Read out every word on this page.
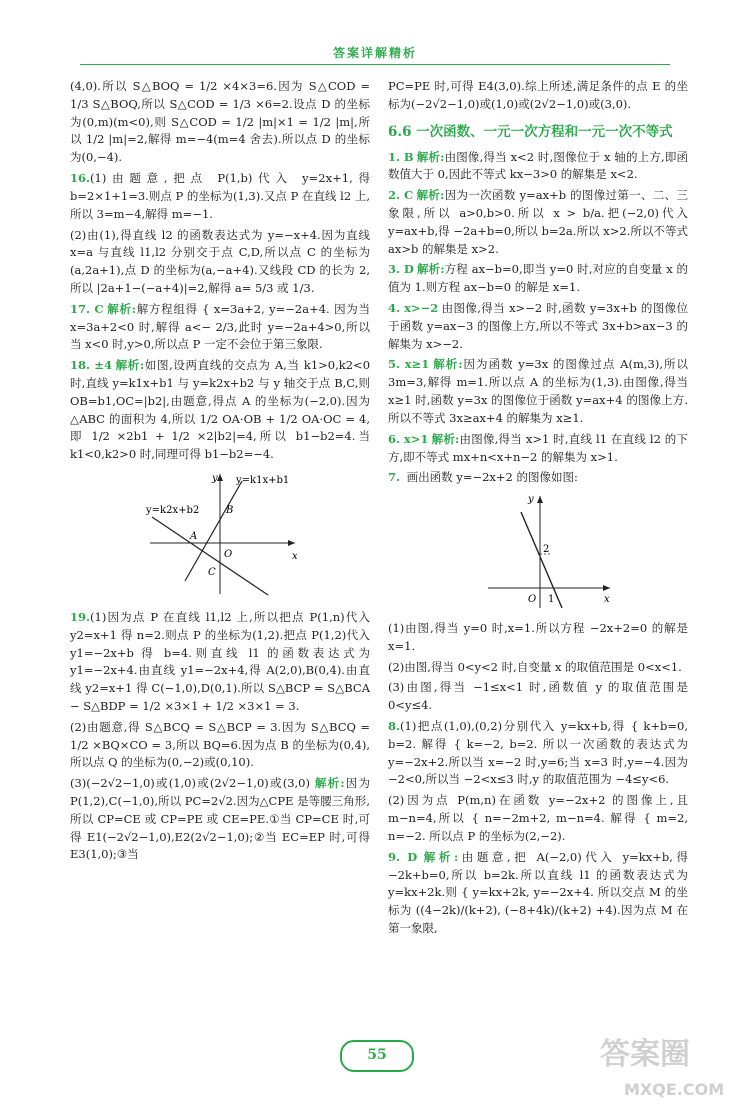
答案详解精析

(4,0).所以 S△BOQ = 1/2 ×4×3=6.因为 S△COD = 1/3 S△BOQ,所以 S△COD = 1/3 ×6=2.设点 D 的坐标为(0,m)(m<0),则 S△COD = 1/2 |m|×1 = 1/2 |m|,所以 1/2 |m|=2,解得 m=−4(m=4 舍去).所以点 D 的坐标为(0,−4).

16.(1)由题意,把点 P(1,b)代入 y=2x+1,得 b=2×1+1=3.则点 P 的坐标为(1,3).又点 P 在直线 l2 上,所以 3=m−4,解得 m=−1.

(2)由(1),得直线 l2 的函数表达式为 y=−x+4.因为直线 x=a 与直线 l1,l2 分别交于点 C,D,所以点 C 的坐标为(a,2a+1),点 D 的坐标为(a,−a+4).又线段 CD 的长为 2,所以 |2a+1−(−a+4)|=2,解得 a= 5/3 或 1/3.

17. C 解析:解方程组得 { x=3a+2, y=−2a+4. 因为当 x=3a+2<0 时,解得 a<− 2/3,此时 y=−2a+4>0,所以当 x<0 时,y>0,所以点 P 一定不会位于第三象限.

18. ±4 解析:如图,设两直线的交点为 A,当 k1>0,k2<0 时,直线 y=k1x+b1 与 y=k2x+b2 与 y 轴交于点 B,C,则 OB=b1,OC=|b2|,由题意,得点 A 的坐标为(−2,0).因为△ABC 的面积为 4,所以 1/2 OA·OB + 1/2 OA·OC = 4,即 1/2 ×2b1 + 1/2 ×2|b2|=4,所以 b1−b2=4.当 k1<0,k2>0 时,同理可得 b1−b2=−4.

y=k1x+b1
y=k2x+b2
A
B
C
O	x
y

19.(1)因为点 P 在直线 l1,l2 上,所以把点 P(1,n)代入 y2=x+1 得 n=2.则点 P 的坐标为(1,2).把点 P(1,2)代入 y1=−2x+b 得 b=4.则直线 l1 的函数表达式为 y1=−2x+4.由直线 y1=−2x+4,得 A(2,0),B(0,4).由直线 y2=x+1 得 C(−1,0),D(0,1).所以 S△BCP = S△BCA − S△BDP = 1/2 ×3×1 + 1/2 ×3×1 = 3.

(2)由题意,得 S△BCQ = S△BCP = 3.因为 S△BCQ = 1/2 ×BQ×CO = 3,所以 BQ=6.因为点 B 的坐标为(0,4),所以点 Q 的坐标为(0,−2)或(0,10).

(3)(−2√2−1,0)或(1,0)或(2√2−1,0)或(3,0) 解析:因为 P(1,2),C(−1,0),所以 PC=2√2.因为△CPE 是等腰三角形,所以 CP=CE 或 CP=PE 或 CE=PE.①当 CP=CE 时,可得 E1(−2√2−1,0),E2(2√2−1,0);②当 EC=EP 时,可得 E3(1,0);③当

PC=PE 时,可得 E4(3,0).综上所述,满足条件的点 E 的坐标为(−2√2−1,0)或(1,0)或(2√2−1,0)或(3,0).

6.6 一次函数、一元一次方程和一元一次不等式

1. B 解析:由图像,得当 x<2 时,图像位于 x 轴的上方,即函数值大于 0,因此不等式 kx−3>0 的解集是 x<2.

2. C 解析:因为一次函数 y=ax+b 的图像过第一、二、三象限,所以 a>0,b>0.所以 x > b/a.把(−2,0)代入 y=ax+b,得 −2a+b=0,所以 b=2a.所以 x>2.所以不等式 ax>b 的解集是 x>2.

3. D 解析:方程 ax−b=0,即当 y=0 时,对应的自变量 x 的值为 1.则方程 ax−b=0 的解是 x=1.

4. x>−2 由图像,得当 x>−2 时,函数 y=3x+b 的图像位于函数 y=ax−3 的图像上方,所以不等式 3x+b>ax−3 的解集为 x>−2.

5. x≥1 解析:因为函数 y=3x 的图像过点 A(m,3),所以 3m=3,解得 m=1.所以点 A 的坐标为(1,3).由图像,得当 x≥1 时,函数 y=3x 的图像位于函数 y=ax+4 的图像上方.所以不等式 3x≥ax+4 的解集为 x≥1.

6. x>1 解析:由图像,得当 x>1 时,直线 l1 在直线 l2 的下方,即不等式 mx+n<x+n−2 的解集为 x>1.

7. 画出函数 y=−2x+2 的图像如图:

y
x
O
2
1

(1)由图,得当 y=0 时,x=1.所以方程 −2x+2=0 的解是 x=1.

(2)由图,得当 0<y<2 时,自变量 x 的取值范围是 0<x<1.

(3)由图,得当 −1≤x<1 时,函数值 y 的取值范围是 0<y≤4.

8.(1)把点(1,0),(0,2)分别代入 y=kx+b,得 { k+b=0, b=2. 解得 { k=−2, b=2. 所以一次函数的表达式为 y=−2x+2.所以当 x=−2 时,y=6;当 x=3 时,y=−4.因为 −2<0,所以当 −2<x≤3 时,y 的取值范围为 −4≤y<6.

(2)因为点 P(m,n)在函数 y=−2x+2 的图像上,且 m−n=4,所以 { n=−2m+2, m−n=4. 解得 { m=2, n=−2. 所以点 P 的坐标为(2,−2).

9. D 解析:由题意,把 A(−2,0)代入 y=kx+b,得 −2k+b=0,所以 b=2k.所以直线 l1 的函数表达式为 y=kx+2k.则 { y=kx+2k, y=−2x+4. 所以交点 M 的坐标为 ((4−2k)/(k+2), (−8+4k)/(k+2) +4).因为点 M 在第一象限,

55	答案圈
MXQE.COM
